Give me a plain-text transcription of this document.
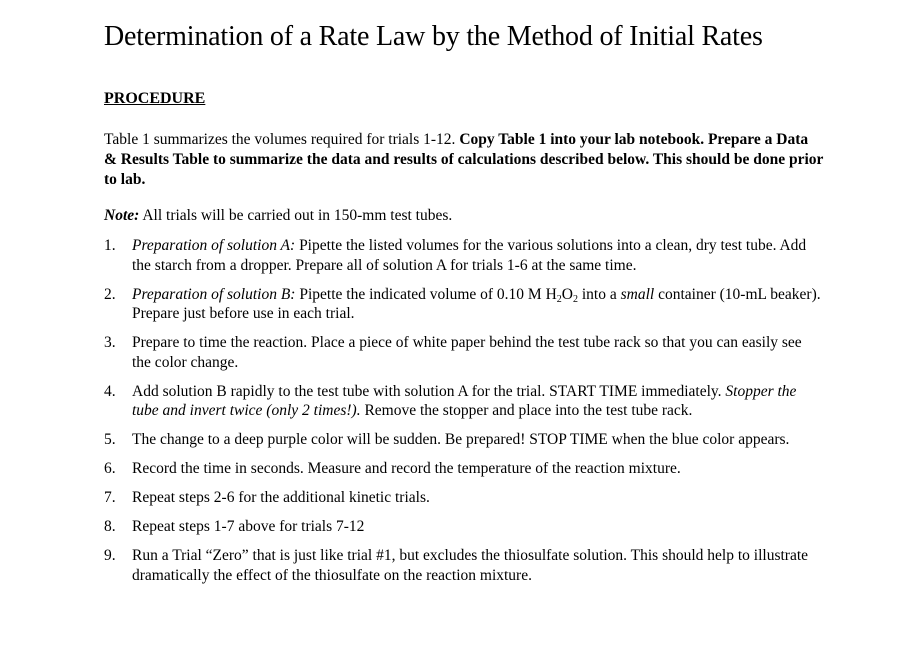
Determination of a Rate Law by the Method of Initial Rates

PROCEDURE

Table 1 summarizes the volumes required for trials 1-12. Copy Table 1 into your lab notebook. Prepare a Data & Results Table to summarize the data and results of calculations described below. This should be done prior to lab.

Note: All trials will be carried out in 150-mm test tubes.

1. Preparation of solution A: Pipette the listed volumes for the various solutions into a clean, dry test tube. Add the starch from a dropper. Prepare all of solution A for trials 1-6 at the same time.
2. Preparation of solution B: Pipette the indicated volume of 0.10 M $H_2O_2$ into a small container (10-mL beaker). Prepare just before use in each trial.
3. Prepare to time the reaction. Place a piece of white paper behind the test tube rack so that you can easily see the color change.
4. Add solution B rapidly to the test tube with solution A for the trial. START TIME immediately. Stopper the tube and invert twice (only 2 times!). Remove the stopper and place into the test tube rack.
5. The change to a deep purple color will be sudden. Be prepared! STOP TIME when the blue color appears.
6. Record the time in seconds. Measure and record the temperature of the reaction mixture.
7. Repeat steps 2-6 for the additional kinetic trials.
8. Repeat steps 1-7 above for trials 7-12
9. Run a Trial “Zero” that is just like trial #1, but excludes the thiosulfate solution. This should help to illustrate dramatically the effect of the thiosulfate on the reaction mixture.
